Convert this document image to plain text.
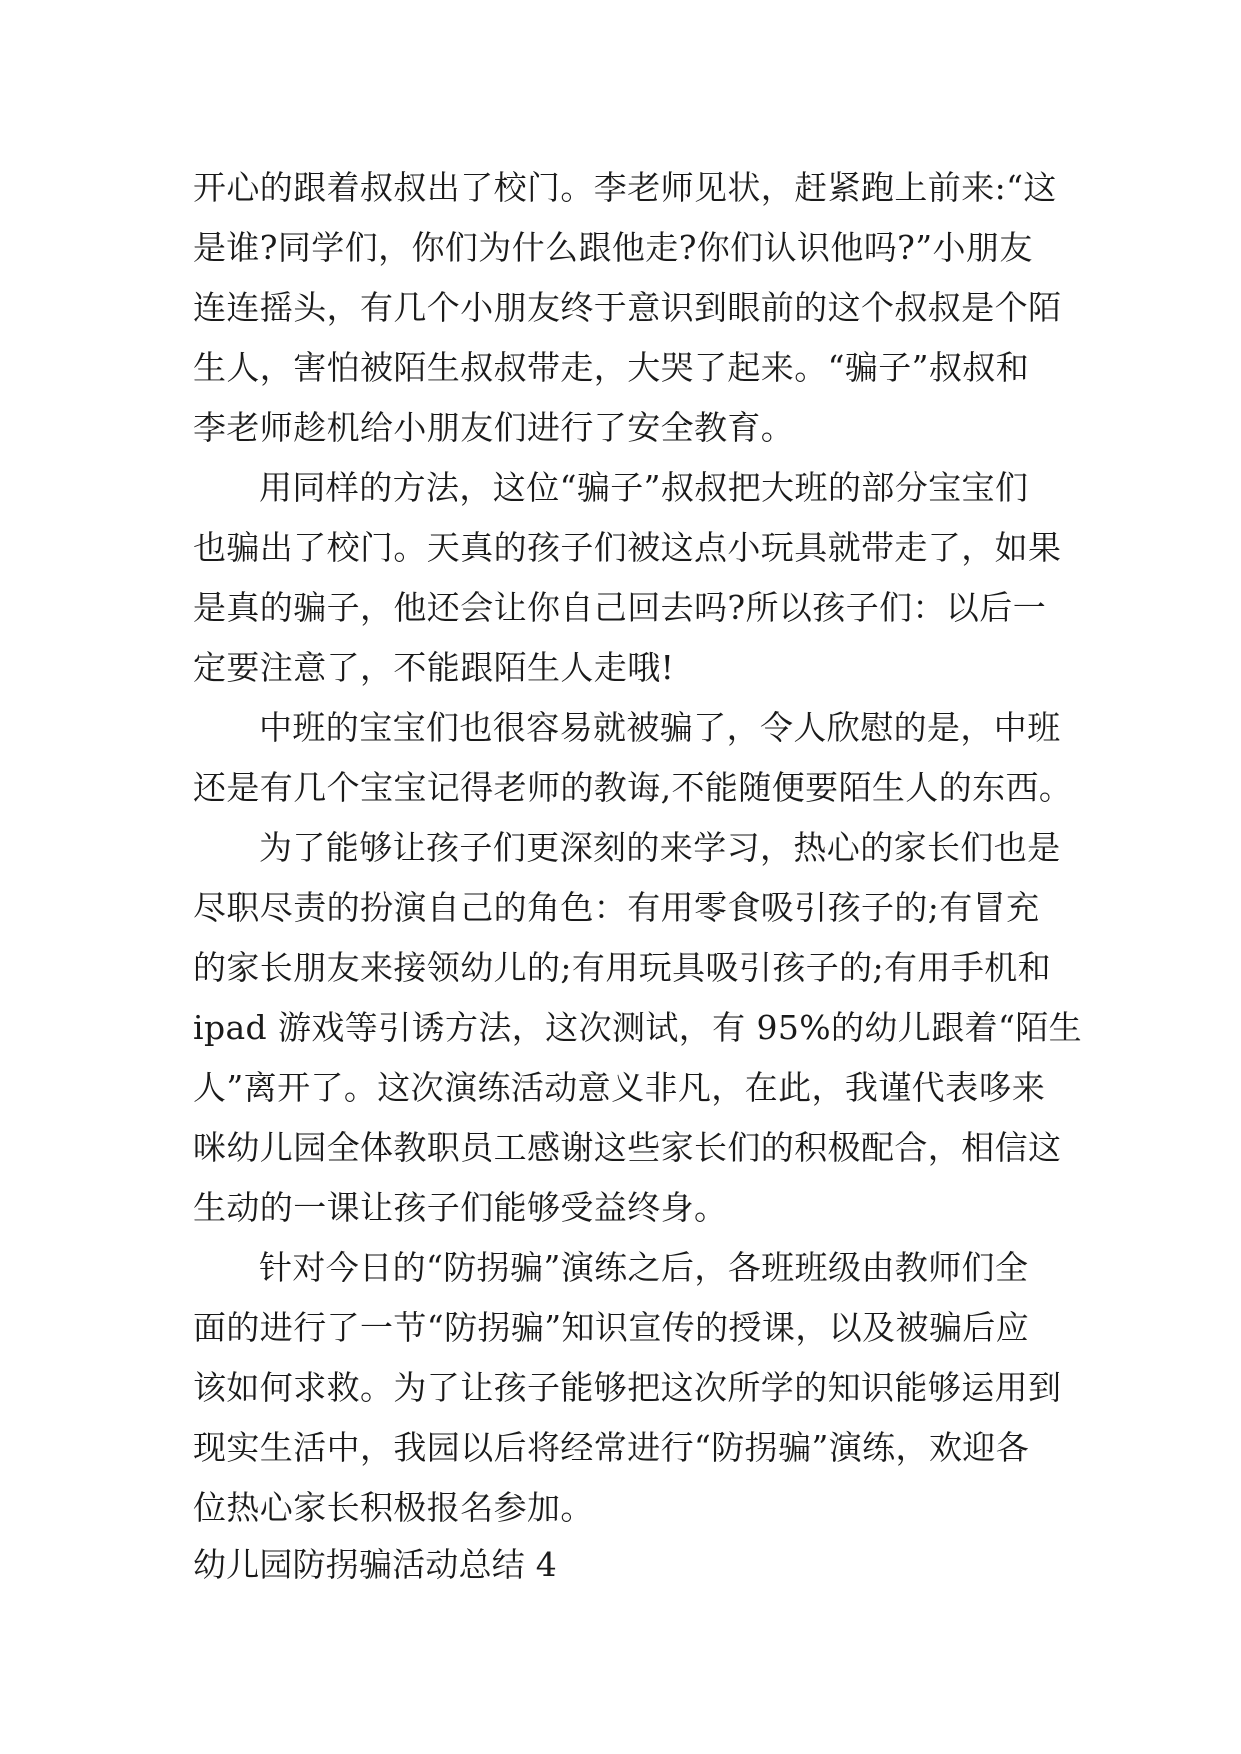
开心的跟着叔叔出了校门。李老师见状，赶紧跑上前来:“这
是谁?同学们，你们为什么跟他走?你们认识他吗?”小朋友
连连摇头，有几个小朋友终于意识到眼前的这个叔叔是个陌
生人，害怕被陌生叔叔带走，大哭了起来。“骗子”叔叔和
李老师趁机给小朋友们进行了安全教育。
用同样的方法，这位“骗子”叔叔把大班的部分宝宝们
也骗出了校门。天真的孩子们被这点小玩具就带走了，如果
是真的骗子，他还会让你自己回去吗?所以孩子们：以后一
定要注意了，不能跟陌生人走哦!
中班的宝宝们也很容易就被骗了，令人欣慰的是，中班
还是有几个宝宝记得老师的教诲,不能随便要陌生人的东西。
为了能够让孩子们更深刻的来学习，热心的家长们也是
尽职尽责的扮演自己的角色：有用零食吸引孩子的;有冒充
的家长朋友来接领幼儿的;有用玩具吸引孩子的;有用手机和
ipad 游戏等引诱方法，这次测试，有 95%的幼儿跟着“陌生
人”离开了。这次演练活动意义非凡，在此，我谨代表哆来
咪幼儿园全体教职员工感谢这些家长们的积极配合，相信这
生动的一课让孩子们能够受益终身。
针对今日的“防拐骗”演练之后，各班班级由教师们全
面的进行了一节“防拐骗”知识宣传的授课，以及被骗后应
该如何求救。为了让孩子能够把这次所学的知识能够运用到
现实生活中，我园以后将经常进行“防拐骗”演练，欢迎各
位热心家长积极报名参加。
幼儿园防拐骗活动总结 4
